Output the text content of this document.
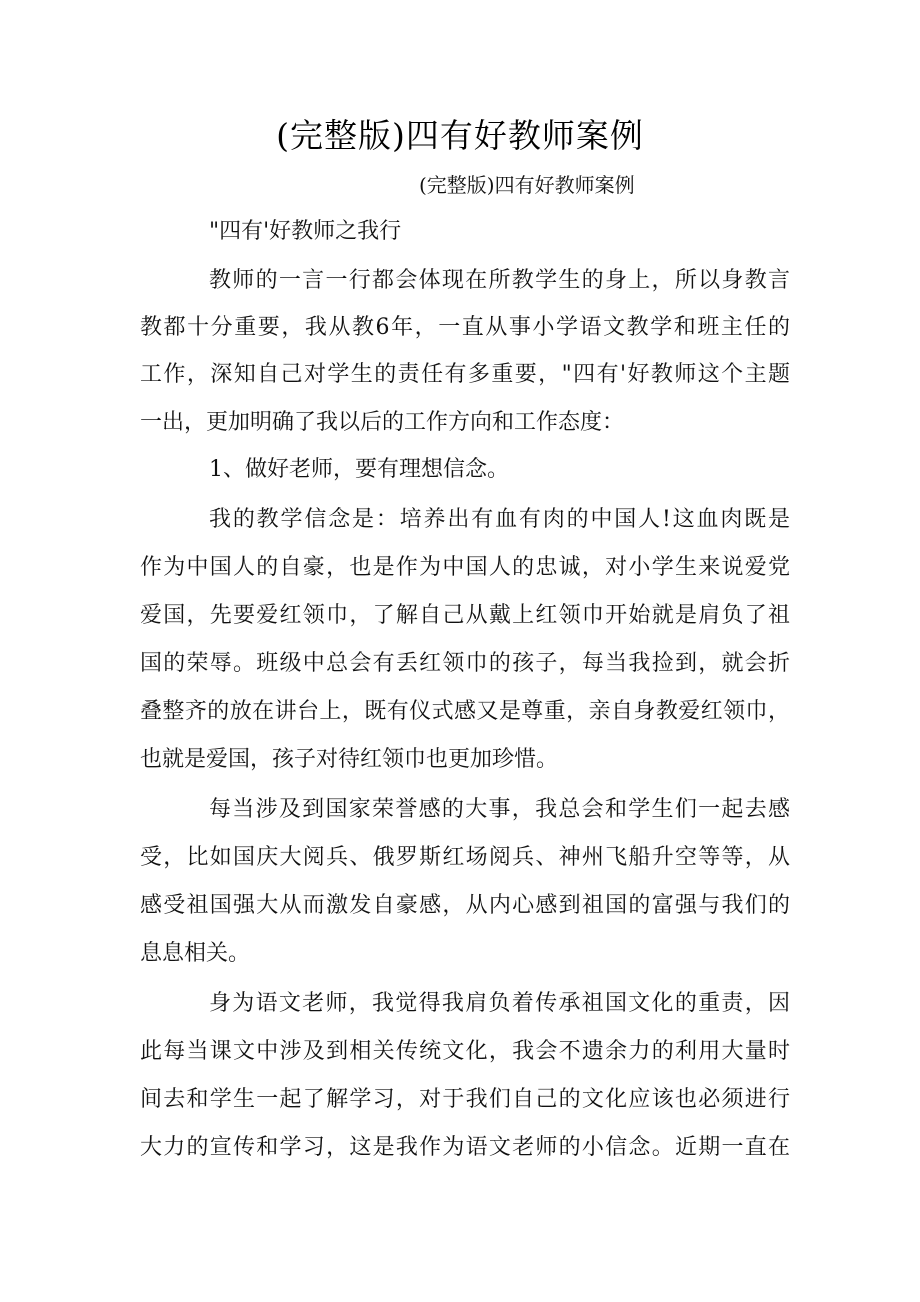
(完整版)四有好教师案例
(完整版)四有好教师案例
"四有'好教师之我行
教师的一言一行都会体现在所教学生的身上，所以身教言
教都十分重要，我从教6年，一直从事小学语文教学和班主任的
工作，深知自己对学生的责任有多重要，"四有'好教师这个主题
一出，更加明确了我以后的工作方向和工作态度：
1、做好老师，要有理想信念。
我的教学信念是：培养出有血有肉的中国人!这血肉既是
作为中国人的自豪，也是作为中国人的忠诚，对小学生来说爱党
爱国，先要爱红领巾，了解自己从戴上红领巾开始就是肩负了祖
国的荣辱。班级中总会有丢红领巾的孩子，每当我捡到，就会折
叠整齐的放在讲台上，既有仪式感又是尊重，亲自身教爱红领巾，
也就是爱国，孩子对待红领巾也更加珍惜。
每当涉及到国家荣誉感的大事，我总会和学生们一起去感
受，比如国庆大阅兵、俄罗斯红场阅兵、神州飞船升空等等，从
感受祖国强大从而激发自豪感，从内心感到祖国的富强与我们的
息息相关。
身为语文老师，我觉得我肩负着传承祖国文化的重责，因
此每当课文中涉及到相关传统文化，我会不遗余力的利用大量时
间去和学生一起了解学习，对于我们自己的文化应该也必须进行
大力的宣传和学习，这是我作为语文老师的小信念。近期一直在
